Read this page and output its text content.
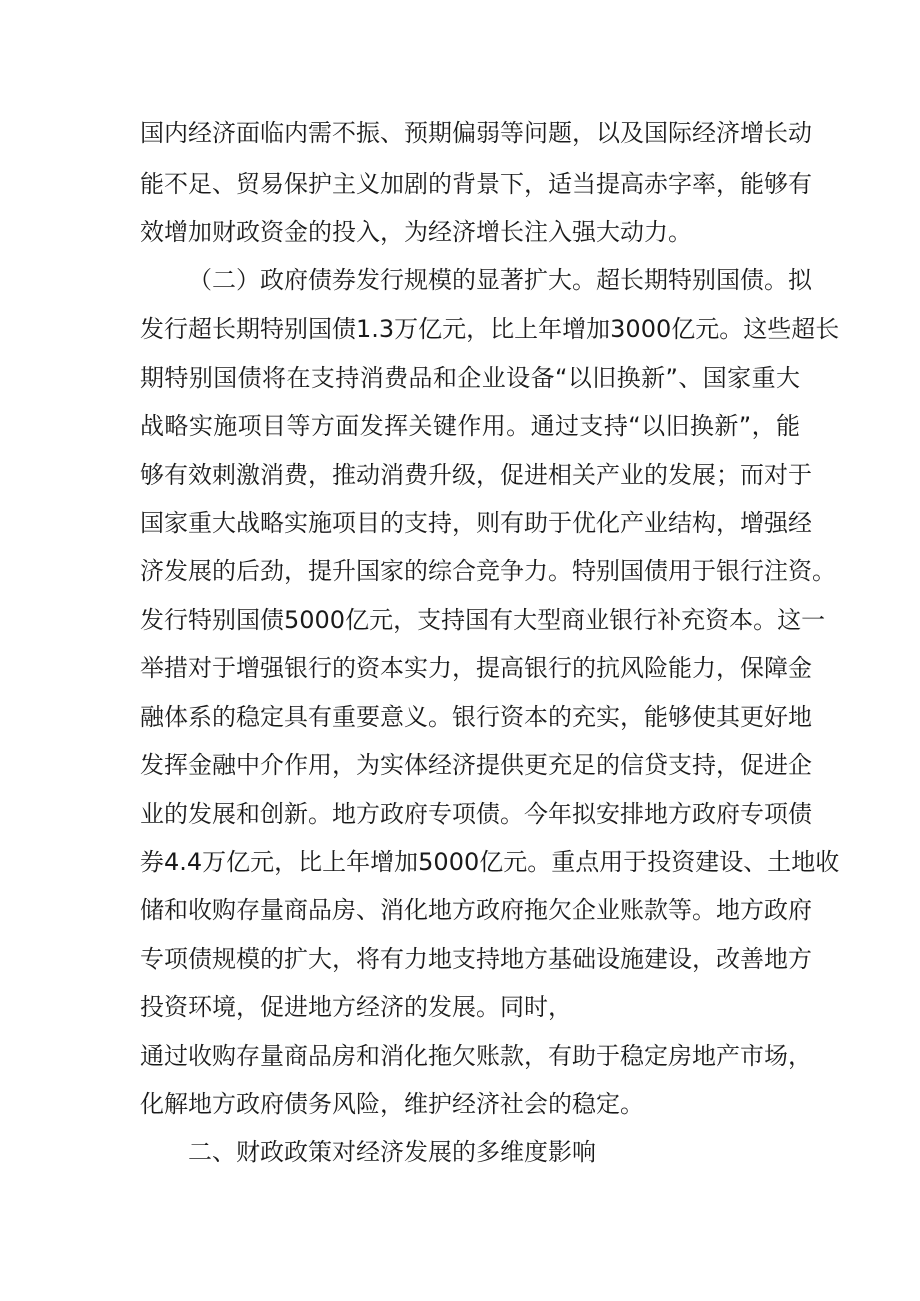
国内经济面临内需不振、预期偏弱等问题，以及国际经济增长动
能不足、贸易保护主义加剧的背景下，适当提高赤字率，能够有
效增加财政资金的投入，为经济增长注入强大动力。
（二）政府债券发行规模的显著扩大。超长期特别国债。拟
发行超长期特别国债1.3万亿元，比上年增加3000亿元。这些超长
期特别国债将在支持消费品和企业设备“以旧换新”、国家重大
战略实施项目等方面发挥关键作用。通过支持“以旧换新”，能
够有效刺激消费，推动消费升级，促进相关产业的发展；而对于
国家重大战略实施项目的支持，则有助于优化产业结构，增强经
济发展的后劲，提升国家的综合竞争力。特别国债用于银行注资。
发行特别国债5000亿元，支持国有大型商业银行补充资本。这一
举措对于增强银行的资本实力，提高银行的抗风险能力，保障金
融体系的稳定具有重要意义。银行资本的充实，能够使其更好地
发挥金融中介作用，为实体经济提供更充足的信贷支持，促进企
业的发展和创新。地方政府专项债。今年拟安排地方政府专项债
券4.4万亿元，比上年增加5000亿元。重点用于投资建设、土地收
储和收购存量商品房、消化地方政府拖欠企业账款等。地方政府
专项债规模的扩大，将有力地支持地方基础设施建设，改善地方
投资环境，促进地方经济的发展。同时，
通过收购存量商品房和消化拖欠账款，有助于稳定房地产市场，
化解地方政府债务风险，维护经济社会的稳定。
二、财政政策对经济发展的多维度影响
